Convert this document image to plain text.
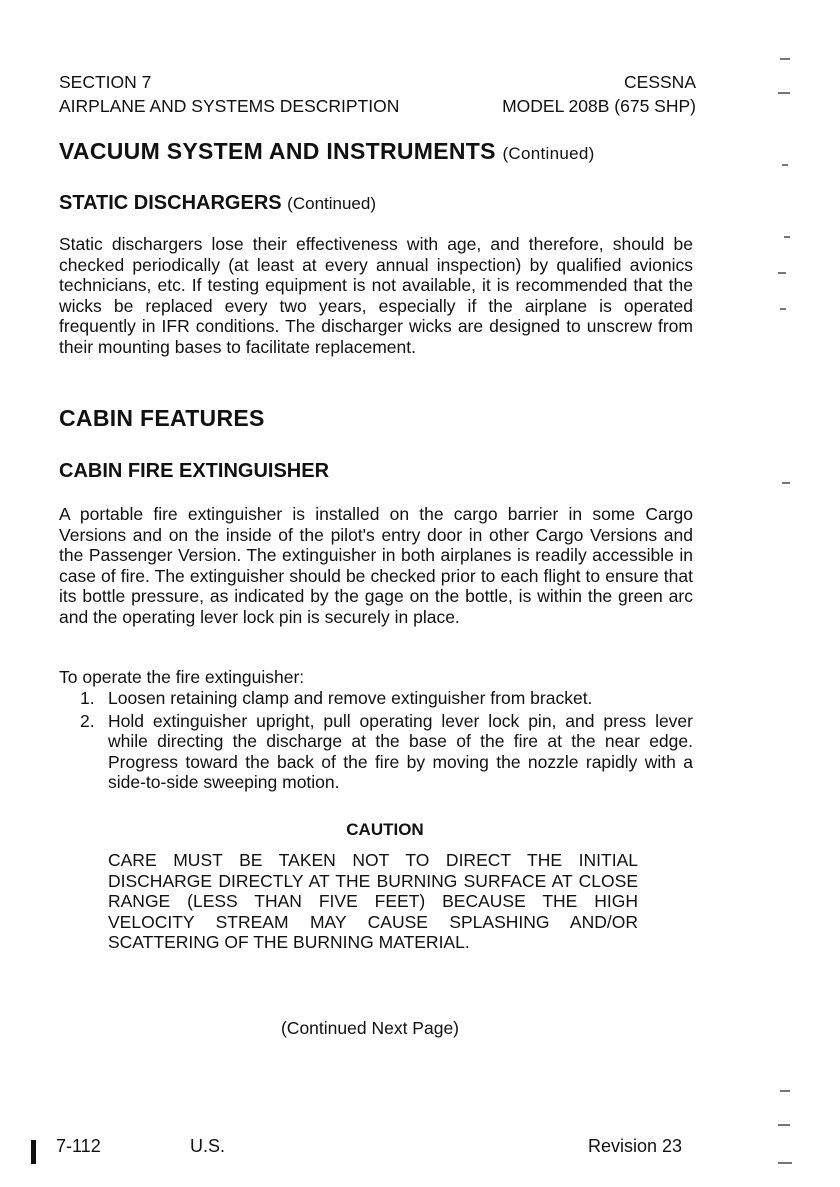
SECTION 7	CESSNA
AIRPLANE AND SYSTEMS DESCRIPTION	MODEL 208B (675 SHP)
VACUUM SYSTEM AND INSTRUMENTS (Continued)
STATIC DISCHARGERS (Continued)

Static dischargers lose their effectiveness with age, and therefore, should be checked periodically (at least at every annual inspection) by qualified avionics technicians, etc. If testing equipment is not available, it is recommended that the wicks be replaced every two years, especially if the airplane is operated frequently in IFR conditions. The discharger wicks are designed to unscrew from their mounting bases to facilitate replacement.

CABIN FEATURES
CABIN FIRE EXTINGUISHER

A portable fire extinguisher is installed on the cargo barrier in some Cargo Versions and on the inside of the pilot's entry door in other Cargo Versions and the Passenger Version. The extinguisher in both airplanes is readily accessible in case of fire. The extinguisher should be checked prior to each flight to ensure that its bottle pressure, as indicated by the gage on the bottle, is within the green arc and the operating lever lock pin is securely in place.

To operate the fire extinguisher:

1. Loosen retaining clamp and remove extinguisher from bracket.
2. Hold extinguisher upright, pull operating lever lock pin, and press lever while directing the discharge at the base of the fire at the near edge. Progress toward the back of the fire by moving the nozzle rapidly with a side-to-side sweeping motion.
CAUTION

CARE MUST BE TAKEN NOT TO DIRECT THE INITIAL DISCHARGE DIRECTLY AT THE BURNING SURFACE AT CLOSE RANGE (LESS THAN FIVE FEET) BECAUSE THE HIGH VELOCITY STREAM MAY CAUSE SPLASHING AND/OR SCATTERING OF THE BURNING MATERIAL.

(Continued Next Page)
7-112	U.S.	Revision 23
